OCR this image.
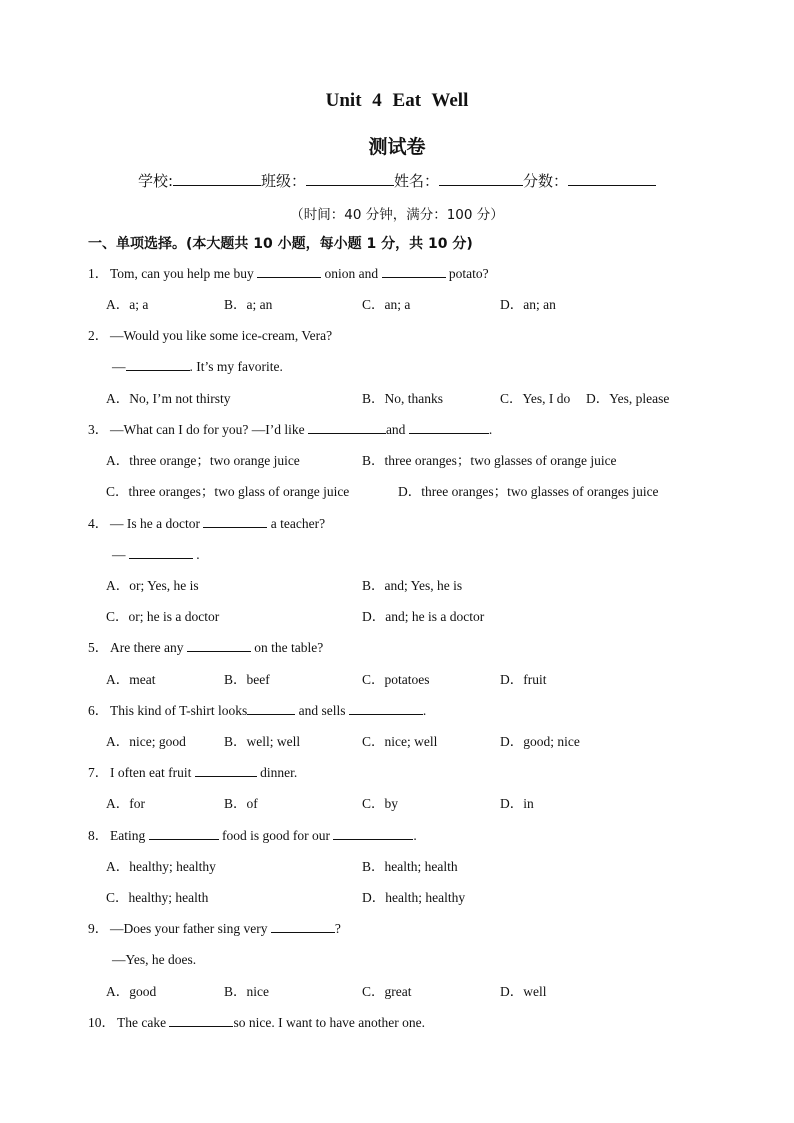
Unit 4 Eat Well
测试卷
学校:	班级：	姓名：	分数：
（时间：40 分钟，满分：100 分）
一、单项选择。(本大题共 10 小题，每小题 1 分，共 10 分)
1． Tom, can you help me buy	onion and	potato?
A．a; a	B．a; an	C．an; a	D．an; an
2． —Would you like some ice-cream, Vera?
—	. It’s my favorite.
A．No, I’m not thirsty	B．No, thanks	C．Yes, I do D．Yes, please
3． —What can I do for you? —I’d like	and	.
A．three orange；two orange juice	B．three oranges；two glasses of orange juice
C．three oranges；two glass of orange juice	D．three oranges；two glasses of oranges juice
4． — Is he a doctor	a teacher?
—	.
A．or; Yes, he is	B．and; Yes, he is
C．or; he is a doctor	D．and; he is a doctor
5． Are there any	on the table?
A．meat	B．beef	C．potatoes	D．fruit
6． This kind of T-shirt looks	and sells	.
A．nice; good	B．well; well	C．nice; well	D．good; nice
7． I often eat fruit	dinner.
A．for	B．of	C．by	D．in
8． Eating	food is good for our	.
A．healthy; healthy	B．health; health
C．healthy; health	D．health; healthy
9． —Does your father sing very	?
—Yes, he does.
A．good	B．nice	C．great	D．well
10． The cake	so nice. I want to have another one.
